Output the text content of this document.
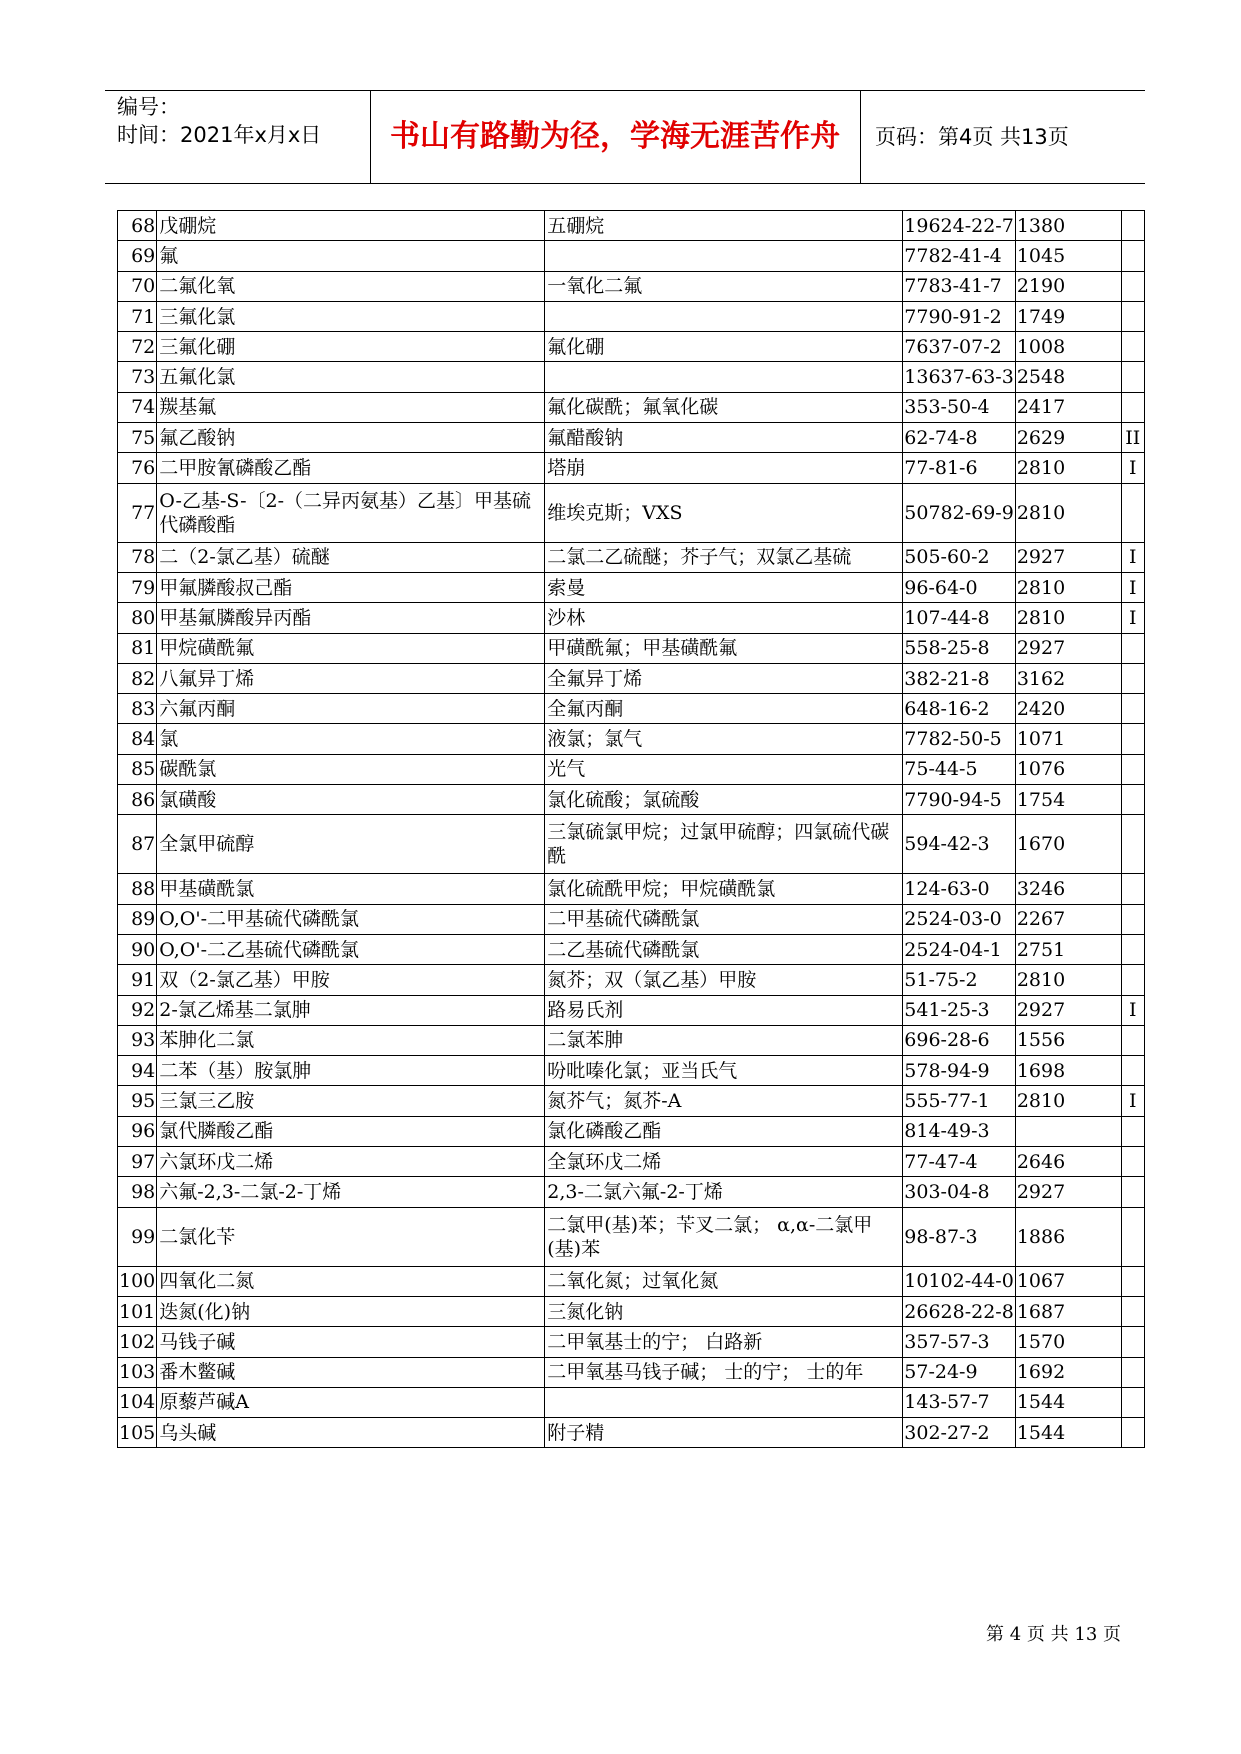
编号：
时间：2021年x月x日	书山有路勤为径，学海无涯苦作舟	页码：第4页 共13页
68	戊硼烷	五硼烷	19624-22-7	1380	
69	氟		7782-41-4	1045	
70	二氟化氧	一氧化二氟	7783-41-7	2190	
71	三氟化氯		7790-91-2	1749	
72	三氟化硼	氟化硼	7637-07-2	1008	
73	五氟化氯		13637-63-3	2548	
74	羰基氟	氟化碳酰；氟氧化碳	353-50-4	2417	
75	氟乙酸钠	氟醋酸钠	62-74-8	2629	II
76	二甲胺氰磷酸乙酯	塔崩	77-81-6	2810	I
77	O-乙基-S-〔2-（二异丙氨基）乙基〕甲基硫代磷酸酯	维埃克斯；VXS	50782-69-9	2810	
78	二（2-氯乙基）硫醚	二氯二乙硫醚；芥子气；双氯乙基硫	505-60-2	2927	I
79	甲氟膦酸叔己酯	索曼	96-64-0	2810	I
80	甲基氟膦酸异丙酯	沙林	107-44-8	2810	I
81	甲烷磺酰氟	甲磺酰氟；甲基磺酰氟	558-25-8	2927	
82	八氟异丁烯	全氟异丁烯	382-21-8	3162	
83	六氟丙酮	全氟丙酮	648-16-2	2420	
84	氯	液氯；氯气	7782-50-5	1071	
85	碳酰氯	光气	75-44-5	1076	
86	氯磺酸	氯化硫酸；氯硫酸	7790-94-5	1754	
87	全氯甲硫醇	三氯硫氯甲烷；过氯甲硫醇；四氯硫代碳酰	594-42-3	1670	
88	甲基磺酰氯	氯化硫酰甲烷；甲烷磺酰氯	124-63-0	3246	
89	O,O'-二甲基硫代磷酰氯	二甲基硫代磷酰氯	2524-03-0	2267	
90	O,O'-二乙基硫代磷酰氯	二乙基硫代磷酰氯	2524-04-1	2751	
91	双（2-氯乙基）甲胺	氮芥；双（氯乙基）甲胺	51-75-2	2810	
92	2-氯乙烯基二氯胂	路易氏剂	541-25-3	2927	I
93	苯胂化二氯	二氯苯胂	696-28-6	1556	
94	二苯（基）胺氯胂	吩吡嗪化氯；亚当氏气	578-94-9	1698	
95	三氯三乙胺	氮芥气；氮芥-A	555-77-1	2810	I
96	氯代膦酸乙酯	氯化磷酸乙酯	814-49-3		
97	六氯环戊二烯	全氯环戊二烯	77-47-4	2646	
98	六氟-2,3-二氯-2-丁烯	2,3-二氯六氟-2-丁烯	303-04-8	2927	
99	二氯化苄	二氯甲(基)苯；苄叉二氯； α,α-二氯甲(基)苯	98-87-3	1886	
100	四氧化二氮	二氧化氮；过氧化氮	10102-44-0	1067	
101	迭氮(化)钠	三氮化钠	26628-22-8	1687	
102	马钱子碱	二甲氧基士的宁； 白路新	357-57-3	1570	
103	番木鳖碱	二甲氧基马钱子碱； 士的宁； 士的年	57-24-9	1692	
104	原藜芦碱A		143-57-7	1544	
105	乌头碱	附子精	302-27-2	1544	
第 4 页 共 13 页
